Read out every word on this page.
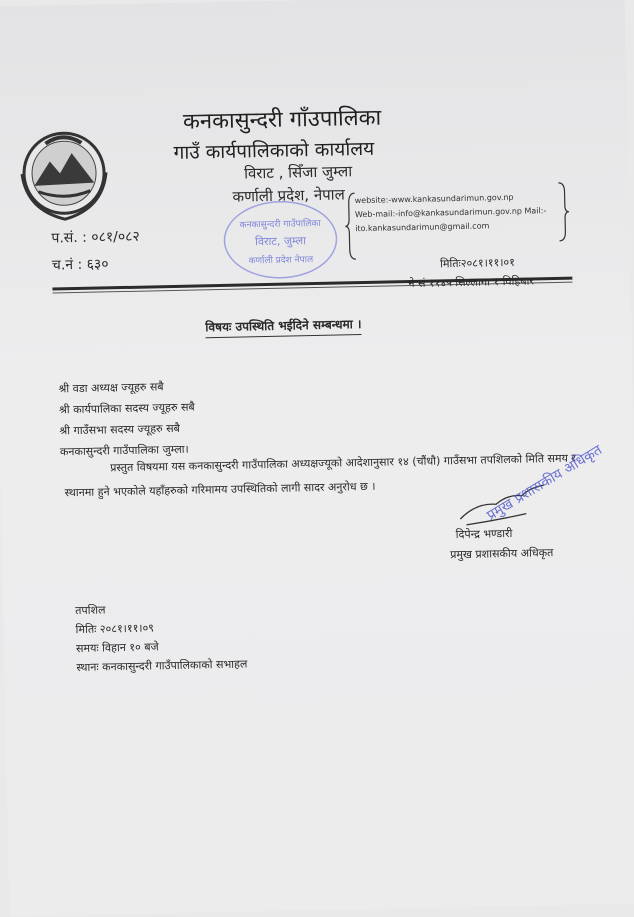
कनकासुन्दरी गाँउपालिका
गाउँ कार्यपालिकाको कार्यालय
विराट , सिँजा जुम्ला
कर्णाली प्रदेश, नेपाल
प.सं. : ०८१/०८२
च.नं : ६३०
कनकासुन्दरी गाउँपालिका
विराट, जुम्ला
कर्णाली प्रदेश नेपाल
website:-www.kankasundarimun.gov.np
Web-mail:-info@kankasundarimun.gov.np Mail:-
ito.kankasundarimun@gmail.com
मितिः२०८१।११।०१
ने सं ११४५ सिल्लागा १ विहिबार
विषयः उपस्थिति भईदिने सम्बन्धमा ।
श्री वडा अध्यक्ष ज्यूहरु सबै
श्री कार्यपालिका सदस्य ज्यूहरु सबै
श्री गाउँसभा सदस्य ज्यूहरु सबै
कनकासुन्दरी गाउँपालिका जुम्ला।
प्रस्तुत विषयमा यस कनकासुन्दरी गाउँपालिका अध्यक्षज्यूको आदेशानुसार १४ (चौंधौ) गाउँसभा तपशिलको मिति समय र स्थानमा हुने भएकोले यहाँहरुको गरिमामय उपस्थितिको लागी सादर अनुरोध छ ।
दिपेन्द्र भण्डारी
प्रमुख प्रशासकीय अधिकृत
प्रमुख प्रशासकीय अधिकृत
तपशिल
मितिः २०८१।११।०९
समयः विहान १० बजे
स्थानः कनकासुन्दरी गाउँपालिकाको सभाहल
